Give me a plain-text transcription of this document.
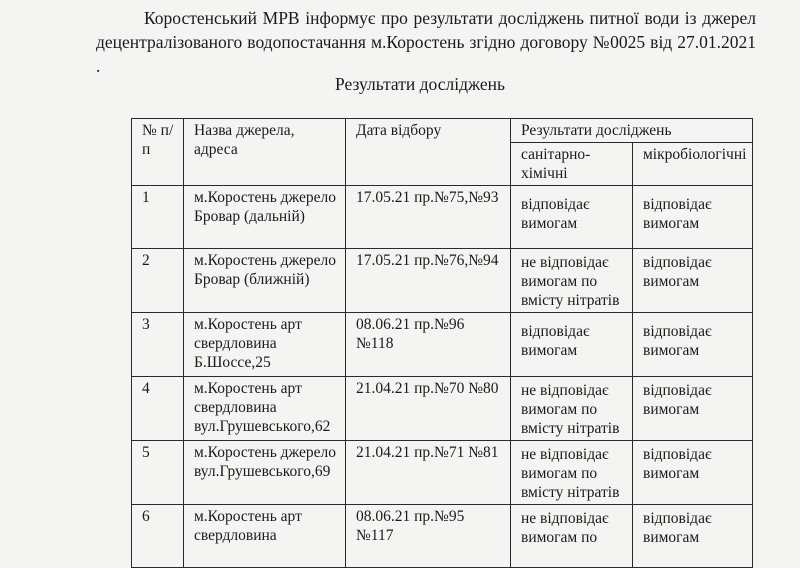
Коростенський МРВ інформує про результати досліджень питної води із джерел децентралізованого водопостачання м.Коростень згідно договору №0025 від 27.01.2021 .

Результати досліджень

№ п/п	Назва джерела, адреса	Дата відбору	Результати досліджень	
			санітарно-хімічні	мікробіологічні
1	м.Коростень джерело Бровар (дальній)	17.05.21 пр.№75,№93	відповідає вимогам	відповідає вимогам
2	м.Коростень джерело Бровар (ближній)	17.05.21 пр.№76,№94	не відповідає вимогам по вмісту нітратів	відповідає вимогам
3	м.Коростень арт свердловина Б.Шоссе,25	08.06.21 пр.№96 №118	відповідає вимогам	відповідає вимогам
4	м.Коростень арт свердловина вул.Грушевського,62	21.04.21 пр.№70 №80	не відповідає вимогам по вмісту нітратів	відповідає вимогам
5	м.Коростень джерело вул.Грушевського,69	21.04.21 пр.№71 №81	не відповідає вимогам по вмісту нітратів	відповідає вимогам
6	м.Коростень арт свердловина	08.06.21 пр.№95 №117	не відповідає вимогам по	відповідає вимогам
